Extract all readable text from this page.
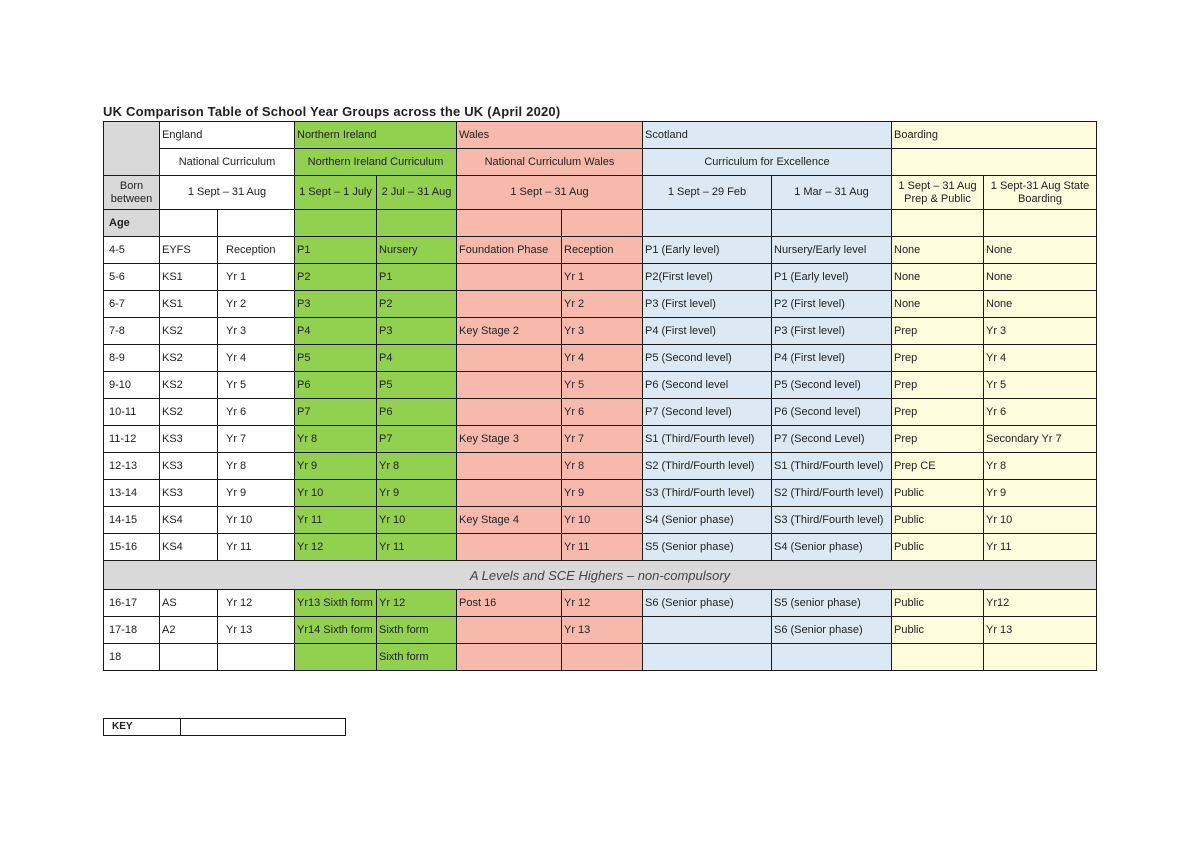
UK Comparison Table of School Year Groups across the UK (April 2020)
	England		Northern Ireland		Wales		Scotland		Boarding	
	National Curriculum		Northern Ireland Curriculum		National Curriculum Wales		Curriculum for Excellence			
Born between	1 Sept – 31 Aug		1 Sept – 1 July	2 Jul – 31 Aug	1 Sept – 31 Aug		1 Sept – 29 Feb	1 Mar – 31 Aug	1 Sept – 31 Aug Prep & Public	1 Sept-31 Aug State Boarding
Age										
4-5	EYFS	Reception	P1	Nursery	Foundation Phase	Reception	P1 (Early level)	Nursery/Early level	None	None
5-6	KS1	Yr 1	P2	P1		Yr 1	P2(First level)	P1 (Early level)	None	None
6-7	KS1	Yr 2	P3	P2		Yr 2	P3 (First level)	P2 (First level)	None	None
7-8	KS2	Yr 3	P4	P3	Key Stage 2	Yr 3	P4 (First level)	P3 (First level)	Prep	Yr 3
8-9	KS2	Yr 4	P5	P4		Yr 4	P5 (Second level)	P4 (First level)	Prep	Yr 4
9-10	KS2	Yr 5	P6	P5		Yr 5	P6 (Second level	P5 (Second level)	Prep	Yr 5
10-11	KS2	Yr 6	P7	P6		Yr 6	P7 (Second level)	P6 (Second level)	Prep	Yr 6
11-12	KS3	Yr 7	Yr 8	P7	Key Stage 3	Yr 7	S1 (Third/Fourth level)	P7 (Second Level)	Prep	Secondary Yr 7
12-13	KS3	Yr 8	Yr 9	Yr 8		Yr 8	S2 (Third/Fourth level)	S1 (Third/Fourth level)	Prep CE	Yr 8
13-14	KS3	Yr 9	Yr 10	Yr 9		Yr 9	S3 (Third/Fourth level)	S2 (Third/Fourth level)	Public	Yr 9
14-15	KS4	Yr 10	Yr 11	Yr 10	Key Stage 4	Yr 10	S4 (Senior phase)	S3 (Third/Fourth level)	Public	Yr 10
15-16	KS4	Yr 11	Yr 12	Yr 11		Yr 11	S5 (Senior phase)	S4 (Senior phase)	Public	Yr 11
A Levels and SCE Highers – non-compulsory										
16-17	AS	Yr 12	Yr13 Sixth form	Yr 12	Post 16	Yr 12	S6 (Senior phase)	S5 (senior phase)	Public	Yr12
17-18	A2	Yr 13	Yr14 Sixth form	Sixth form		Yr 13		S6 (Senior phase)	Public	Yr 13
18				Sixth form						
KEY
